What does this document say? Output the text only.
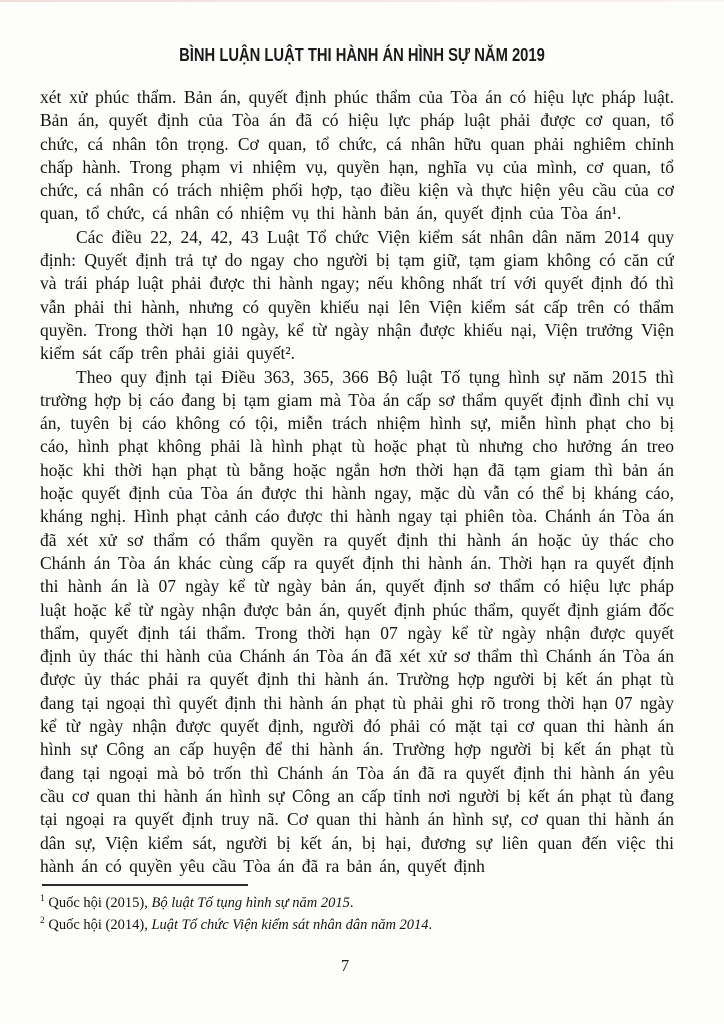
BÌNH LUẬN LUẬT THI HÀNH ÁN HÌNH SỰ NĂM 2019

xét xử phúc thẩm. Bản án, quyết định phúc thẩm của Tòa án có hiệu lực pháp luật. Bản án, quyết định của Tòa án đã có hiệu lực pháp luật phải được cơ quan, tổ chức, cá nhân tôn trọng. Cơ quan, tổ chức, cá nhân hữu quan phải nghiêm chỉnh chấp hành. Trong phạm vi nhiệm vụ, quyền hạn, nghĩa vụ của mình, cơ quan, tổ chức, cá nhân có trách nhiệm phối hợp, tạo điều kiện và thực hiện yêu cầu của cơ quan, tổ chức, cá nhân có nhiệm vụ thi hành bản án, quyết định của Tòa án¹.

Các điều 22, 24, 42, 43 Luật Tổ chức Viện kiểm sát nhân dân năm 2014 quy định: Quyết định trả tự do ngay cho người bị tạm giữ, tạm giam không có căn cứ và trái pháp luật phải được thi hành ngay; nếu không nhất trí với quyết định đó thì vẫn phải thi hành, nhưng có quyền khiếu nại lên Viện kiểm sát cấp trên có thẩm quyền. Trong thời hạn 10 ngày, kể từ ngày nhận được khiếu nại, Viện trưởng Viện kiểm sát cấp trên phải giải quyết².

Theo quy định tại Điều 363, 365, 366 Bộ luật Tố tụng hình sự năm 2015 thì trường hợp bị cáo đang bị tạm giam mà Tòa án cấp sơ thẩm quyết định đình chỉ vụ án, tuyên bị cáo không có tội, miễn trách nhiệm hình sự, miễn hình phạt cho bị cáo, hình phạt không phải là hình phạt tù hoặc phạt tù nhưng cho hưởng án treo hoặc khi thời hạn phạt tù bằng hoặc ngắn hơn thời hạn đã tạm giam thì bản án hoặc quyết định của Tòa án được thi hành ngay, mặc dù vẫn có thể bị kháng cáo, kháng nghị. Hình phạt cảnh cáo được thi hành ngay tại phiên tòa. Chánh án Tòa án đã xét xử sơ thẩm có thẩm quyền ra quyết định thi hành án hoặc ủy thác cho Chánh án Tòa án khác cùng cấp ra quyết định thi hành án. Thời hạn ra quyết định thi hành án là 07 ngày kể từ ngày bản án, quyết định sơ thẩm có hiệu lực pháp luật hoặc kể từ ngày nhận được bản án, quyết định phúc thẩm, quyết định giám đốc thẩm, quyết định tái thẩm. Trong thời hạn 07 ngày kể từ ngày nhận được quyết định ủy thác thi hành của Chánh án Tòa án đã xét xử sơ thẩm thì Chánh án Tòa án được ủy thác phải ra quyết định thi hành án. Trường hợp người bị kết án phạt tù đang tại ngoại thì quyết định thi hành án phạt tù phải ghi rõ trong thời hạn 07 ngày kể từ ngày nhận được quyết định, người đó phải có mặt tại cơ quan thi hành án hình sự Công an cấp huyện để thi hành án. Trường hợp người bị kết án phạt tù đang tại ngoại mà bỏ trốn thì Chánh án Tòa án đã ra quyết định thi hành án yêu cầu cơ quan thi hành án hình sự Công an cấp tỉnh nơi người bị kết án phạt tù đang tại ngoại ra quyết định truy nã. Cơ quan thi hành án hình sự, cơ quan thi hành án dân sự, Viện kiểm sát, người bị kết án, bị hại, đương sự liên quan đến việc thi hành án có quyền yêu cầu Tòa án đã ra bản án, quyết định

$^1$ Quốc hội (2015), Bộ luật Tố tụng hình sự năm 2015.
$^2$ Quốc hội (2014), Luật Tổ chức Viện kiểm sát nhân dân năm 2014.
7
